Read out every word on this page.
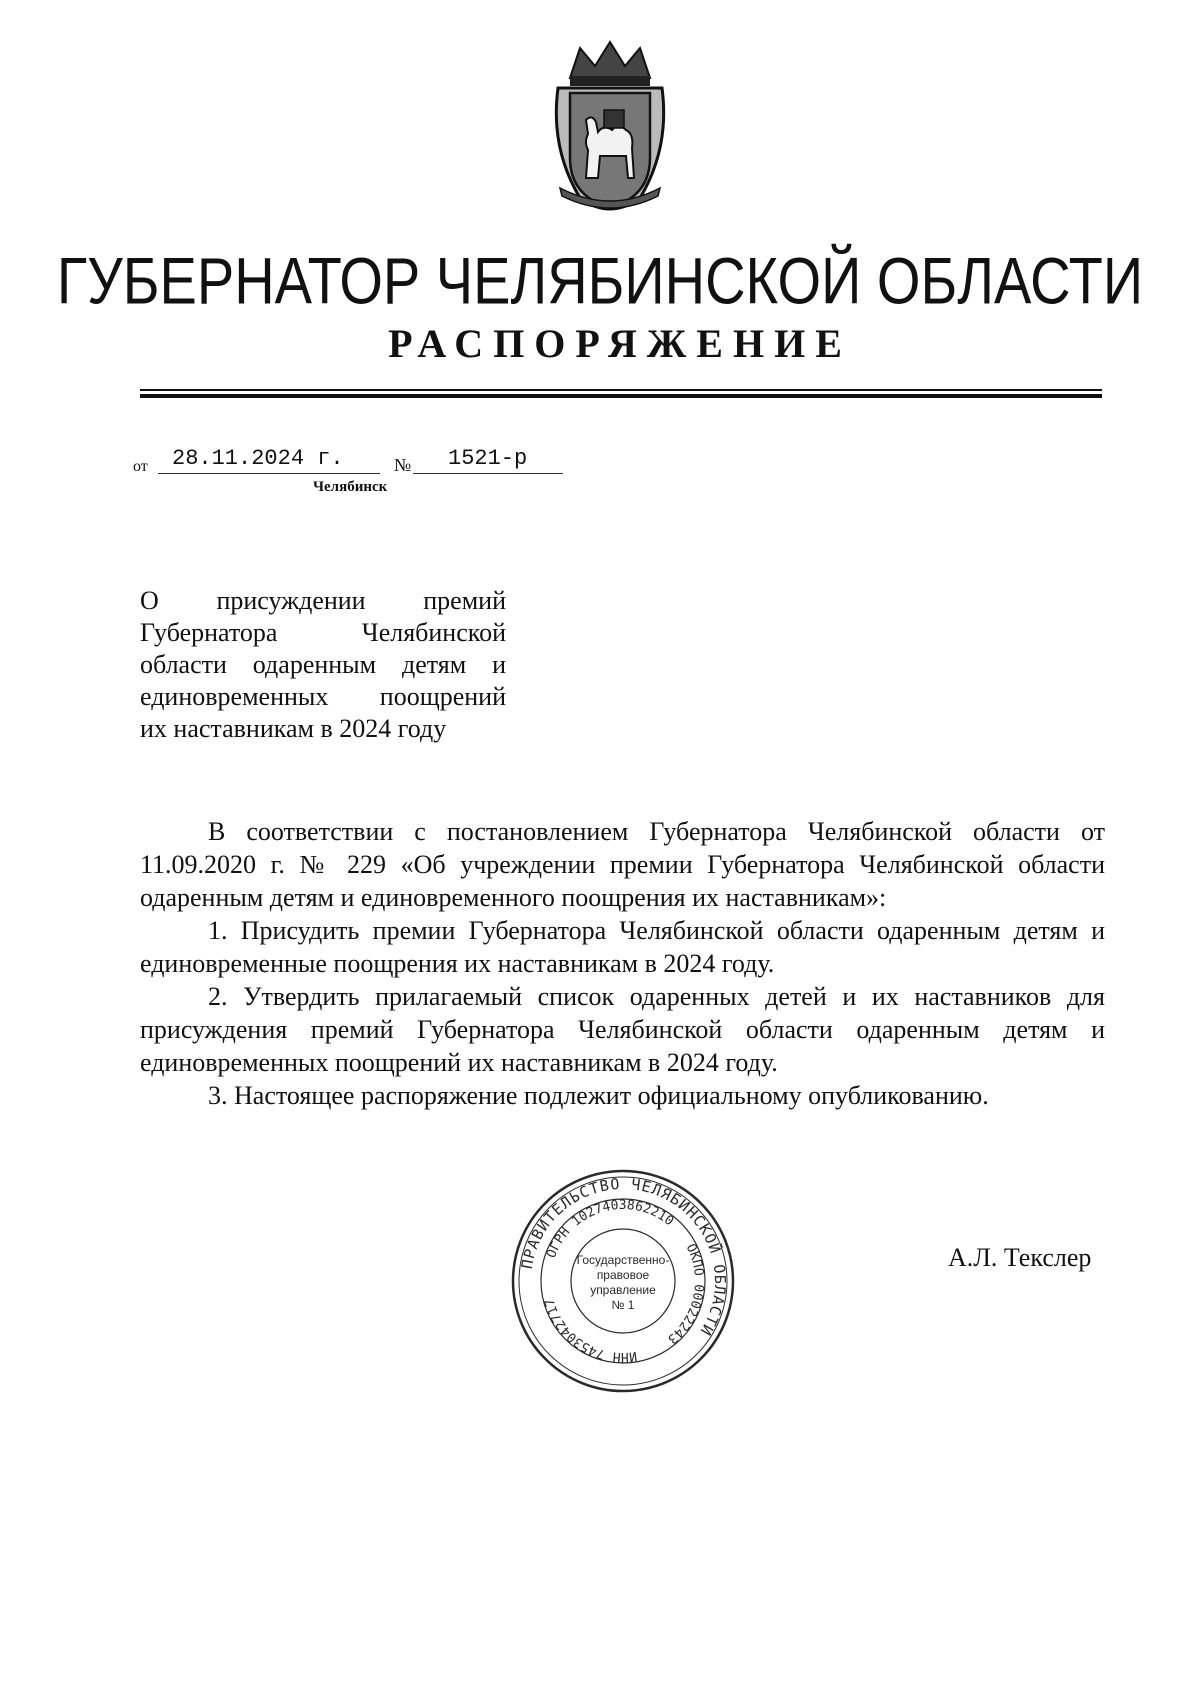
ГУБЕРНАТОР ЧЕЛЯБИНСКОЙ ОБЛАСТИ
РАСПОРЯЖЕНИЕ
от 28.11.2024 г.	№ 1521-р
Челябинск
О присуждении премий
Губернатора Челябинской
области одаренным детям и
единовременных поощрений
их наставникам в 2024 году

В соответствии с постановлением Губернатора Челябинской области от 11.09.2020 г. № 229 «Об учреждении премии Губернатора Челябинской области одаренным детям и единовременного поощрения их наставникам»:

1. Присудить премии Губернатора Челябинской области одаренным детям и единовременные поощрения их наставникам в 2024 году.

2. Утвердить прилагаемый список одаренных детей и их наставников для присуждения премий Губернатора Челябинской области одаренным детям и единовременных поощрений их наставникам в 2024 году.

3. Настоящее распоряжение подлежит официальному опубликованию.

А.Л. Текслер
ПРАВИТЕЛЬСТВО ЧЕЛЯБИНСКОЙ ОБЛАСТИ
ОГРН 1027403862210
ОКПО 00022243
ИНН 7453042717
Государственно-
правовое
управление
№ 1
